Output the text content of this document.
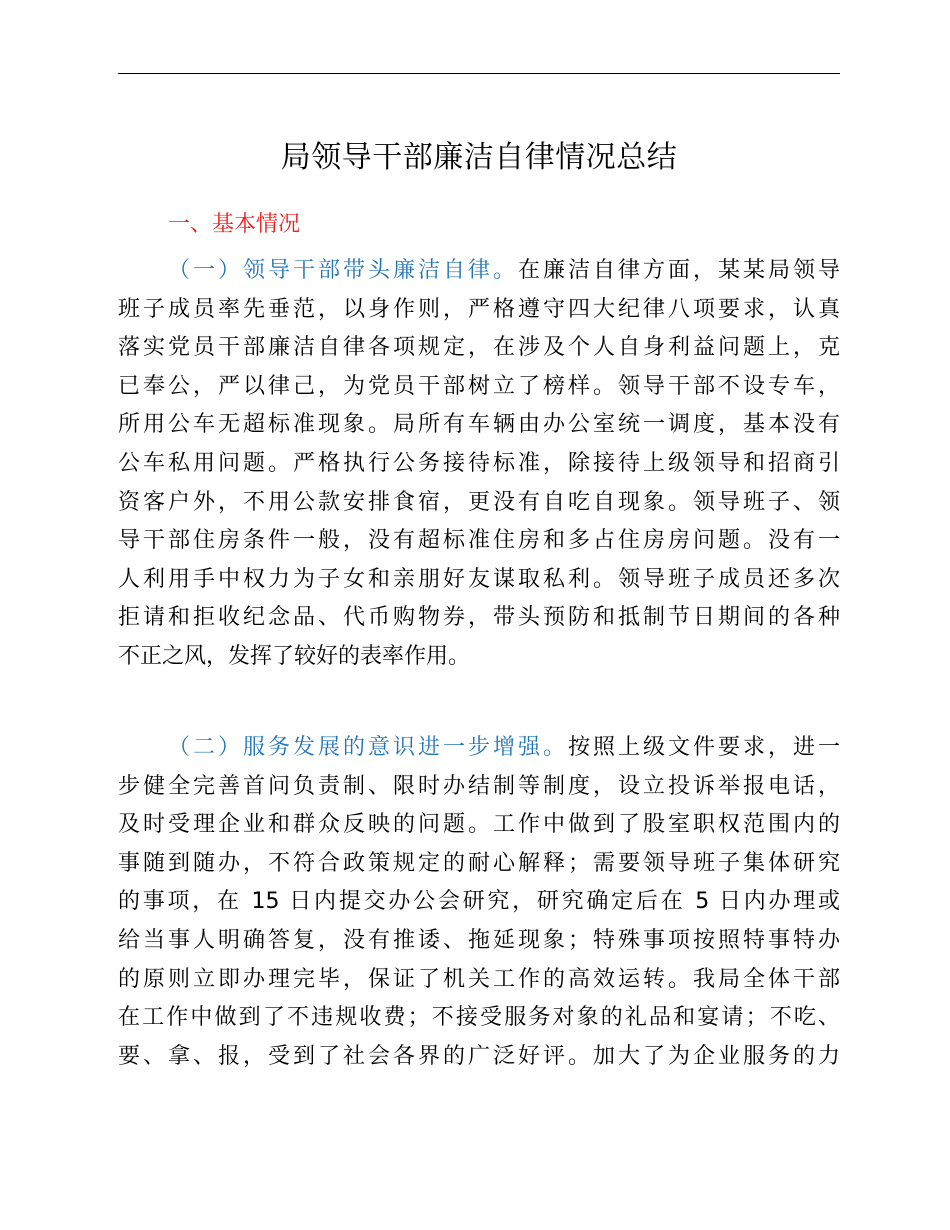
局领导干部廉洁自律情况总结
一、基本情况
（一）领导干部带头廉洁自律。在廉洁自律方面，某某局领导
班子成员率先垂范，以身作则，严格遵守四大纪律八项要求，认真
落实党员干部廉洁自律各项规定，在涉及个人自身利益问题上，克
已奉公，严以律己，为党员干部树立了榜样。领导干部不设专车，
所用公车无超标准现象。局所有车辆由办公室统一调度，基本没有
公车私用问题。严格执行公务接待标准，除接待上级领导和招商引
资客户外，不用公款安排食宿，更没有自吃自现象。领导班子、领
导干部住房条件一般，没有超标准住房和多占住房房问题。没有一
人利用手中权力为子女和亲朋好友谋取私利。领导班子成员还多次
拒请和拒收纪念品、代币购物券，带头预防和抵制节日期间的各种
不正之风，发挥了较好的表率作用。
（二）服务发展的意识进一步增强。按照上级文件要求，进一
步健全完善首问负责制、限时办结制等制度，设立投诉举报电话，
及时受理企业和群众反映的问题。工作中做到了股室职权范围内的
事随到随办，不符合政策规定的耐心解释；需要领导班子集体研究
的事项，在 15 日内提交办公会研究，研究确定后在 5 日内办理或
给当事人明确答复，没有推诿、拖延现象；特殊事项按照特事特办
的原则立即办理完毕，保证了机关工作的高效运转。我局全体干部
在工作中做到了不违规收费；不接受服务对象的礼品和宴请；不吃、
要、拿、报，受到了社会各界的广泛好评。加大了为企业服务的力
